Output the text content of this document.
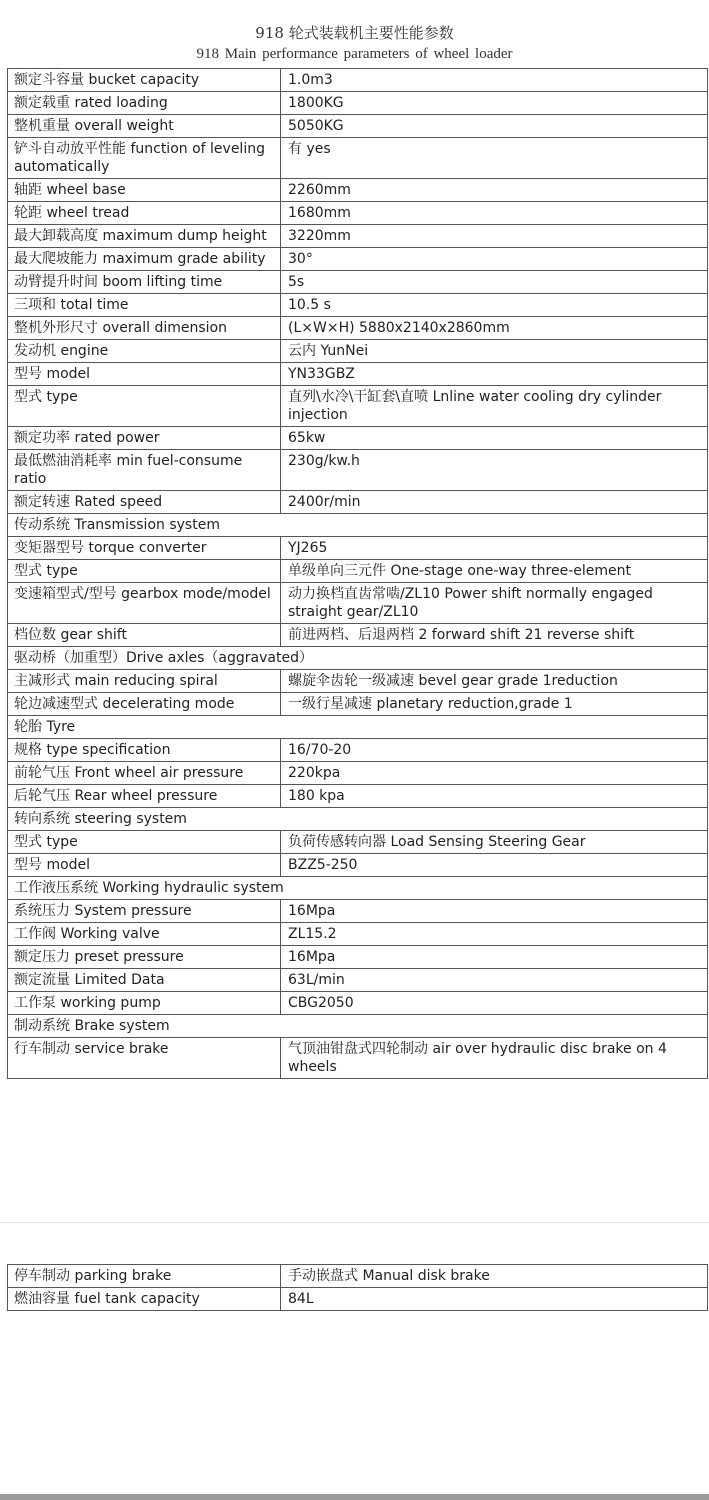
918 轮式装载机主要性能参数
918 Main performance parameters of wheel loader
额定斗容量 bucket capacity	1.0m3
额定载重 rated loading	1800KG
整机重量 overall weight	5050KG
铲斗自动放平性能 function of leveling automatically	有 yes
轴距 wheel base	2260mm
轮距 wheel tread	1680mm
最大卸载高度 maximum dump height	3220mm
最大爬坡能力 maximum grade ability	30°
动臂提升时间 boom lifting time	5s
三项和 total time	10.5 s
整机外形尺寸 overall dimension	(L×W×H) 5880x2140x2860mm
发动机 engine	云内 YunNei
型号 model	YN33GBZ
型式 type	直列\水冷\干缸套\直喷 Lnline water cooling dry cylinder injection
额定功率 rated power	65kw
最低燃油消耗率 min fuel-consume ratio	230g/kw.h
额定转速 Rated speed	2400r/min
传动系统 Transmission system	
变矩器型号 torque converter	YJ265
型式 type	单级单向三元件 One-stage one-way three-element
变速箱型式/型号 gearbox mode/model	动力换档直齿常啮/ZL10 Power shift normally engaged straight gear/ZL10
档位数 gear shift	前进两档、后退两档 2 forward shift 21 reverse shift
驱动桥（加重型）Drive axles（aggravated）	
主减形式 main reducing spiral	螺旋伞齿轮一级减速 bevel gear grade 1reduction
轮边减速型式 decelerating mode	一级行星减速 planetary reduction,grade 1
轮胎 Tyre	
规格 type specification	16/70-20
前轮气压 Front wheel air pressure	220kpa
后轮气压 Rear wheel pressure	180 kpa
转向系统 steering system	
型式 type	负荷传感转向器 Load Sensing Steering Gear
型号 model	BZZ5-250
工作液压系统 Working hydraulic system	
系统压力 System pressure	16Mpa
工作阀 Working valve	ZL15.2
额定压力 preset pressure	16Mpa
额定流量 Limited Data	63L/min
工作泵 working pump	CBG2050
制动系统 Brake system	
行车制动 service brake	气顶油钳盘式四轮制动 air over hydraulic disc brake on 4 wheels
停车制动 parking brake	手动嵌盘式 Manual disk brake
燃油容量 fuel tank capacity	84L
